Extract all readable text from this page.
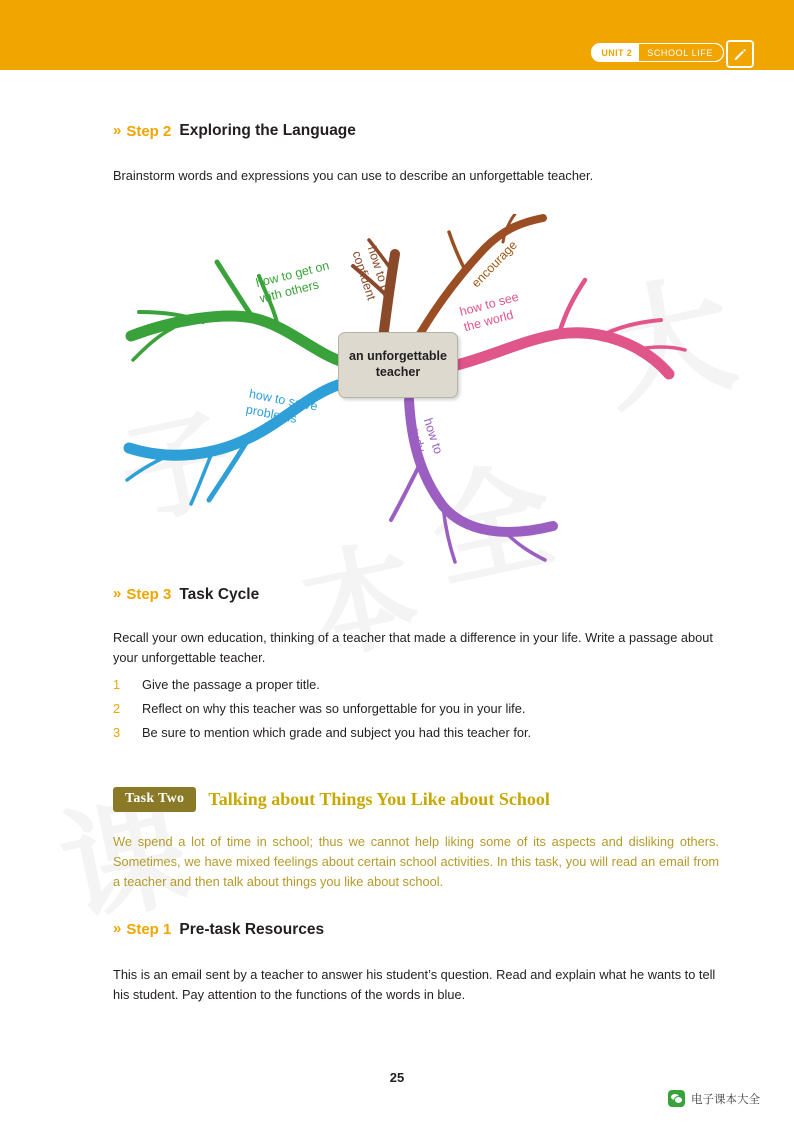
UNIT 2	SCHOOL LIFE
» Step 2 Exploring the Language

Brainstorm words and expressions you can use to describe an unforgettable teacher.

an unforgettable teacher
how to get on
with others	how to be
confident	encourage
how to see
the world
how to solve
problems
how to
study
» Step 3 Task Cycle

Recall your own education, thinking of a teacher that made a difference in your life. Write a passage about your unforgettable teacher.

1	Give the passage a proper title.
2	Reflect on why this teacher was so unforgettable for you in your life.
3	Be sure to mention which grade and subject you had this teacher for.
Task Two	Talking about Things You Like about School

We spend a lot of time in school; thus we cannot help liking some of its aspects and disliking others. Sometimes, we have mixed feelings about certain school activities. In this task, you will read an email from a teacher and then talk about things you like about school.

» Step 1 Pre-task Resources

This is an email sent by a teacher to answer his student’s question. Read and explain what he wants to tell his student. Pay attention to the functions of the words in blue.

25
电子课本大全
